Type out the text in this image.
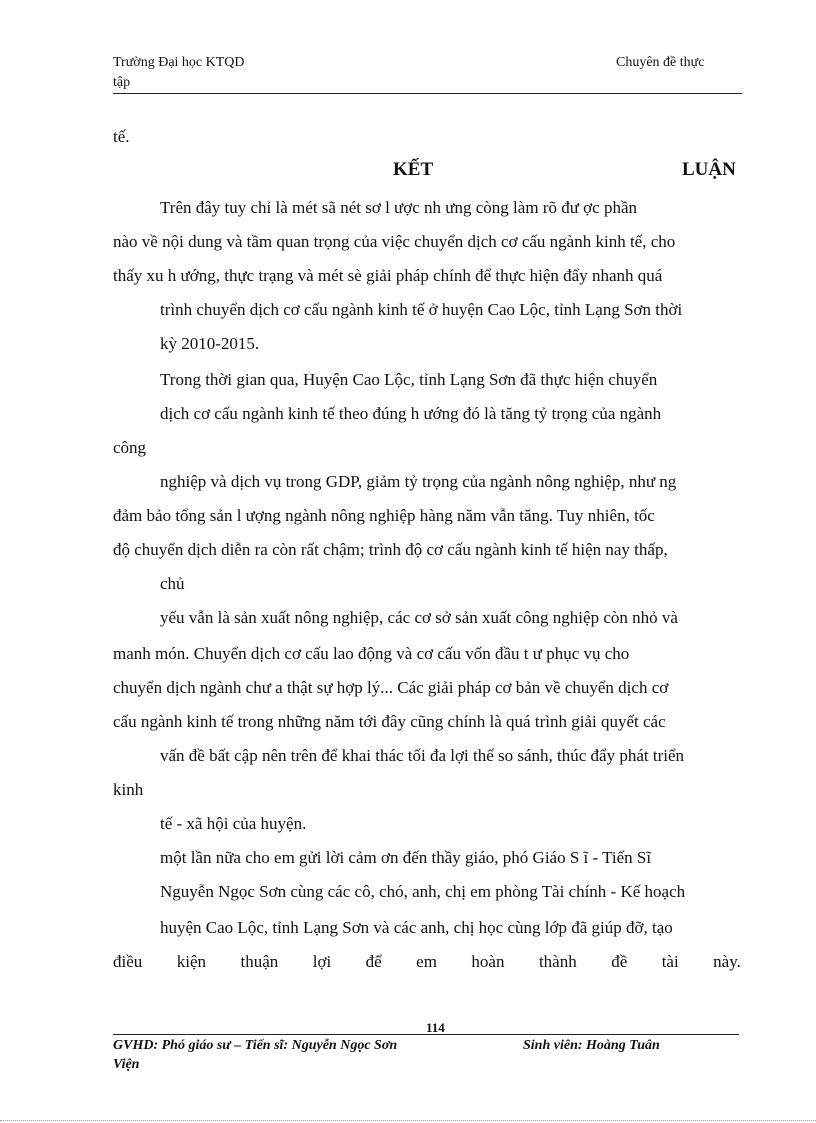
Trường Đại học KTQD	Chuyên đề thực
tập
tế.
KẾT	LUẬN
Trên đây tuy chỉ là mét sã nét sơ l ược nh ưng còng làm rõ đư ợc phần
nào về nội dung và tầm quan trọng của việc chuyển dịch cơ cấu ngành kinh tế, cho
thấy xu h ướng, thực trạng và mét sè giải pháp chính để thực hiện đẩy nhanh quá
trình chuyển dịch cơ cấu ngành kinh tế ở huyện Cao Lộc, tỉnh Lạng Sơn thời
kỳ 2010-2015.
Trong thời gian qua, Huyện Cao Lộc, tỉnh Lạng Sơn đã thực hiện chuyển
dịch cơ cấu ngành kinh tế theo đúng h ướng đó là tăng tỷ trọng của ngành
công
nghiệp và dịch vụ trong GDP, giảm tỷ trọng của ngành nông nghiệp, như ng
đảm bảo tổng sản l ượng ngành nông nghiệp hàng năm vẫn tăng. Tuy nhiên, tốc
độ chuyển dịch diễn ra còn rất chậm; trình độ cơ cấu ngành kinh tế hiện nay thấp,
chủ
yếu vẫn là sản xuất nông nghiệp, các cơ sở sản xuất công nghiệp còn nhỏ và
manh món. Chuyển dịch cơ cấu lao động và cơ cấu vốn đầu t ư phục vụ cho
chuyển dịch ngành chư a thật sự hợp lý... Các giải pháp cơ bản về chuyển dịch cơ
cấu ngành kinh tế trong những năm tới đây cũng chính là quá trình giải quyết các
vấn đề bất cập nên trên để khai thác tối đa lợi thế so sánh, thúc đẩy phát triển
kinh
tế - xã hội của huyện.
một lần nữa cho em gửi lời cảm ơn đến thầy giáo, phó Giáo S ĩ - Tiến Sĩ
Nguyễn Ngọc Sơn cùng các cô, chó, anh, chị em phòng Tài chính - Kế hoạch
huyện Cao Lộc, tỉnh Lạng Sơn và các anh, chị học cùng lớp đã giúp đỡ, tạo
điều kiện thuận lợi để em hoàn thành đề tài này.
114
GVHD: Phó giáo sư – Tiến sĩ: Nguyễn Ngọc Sơn	Sinh viên: Hoàng Tuân
Viện
